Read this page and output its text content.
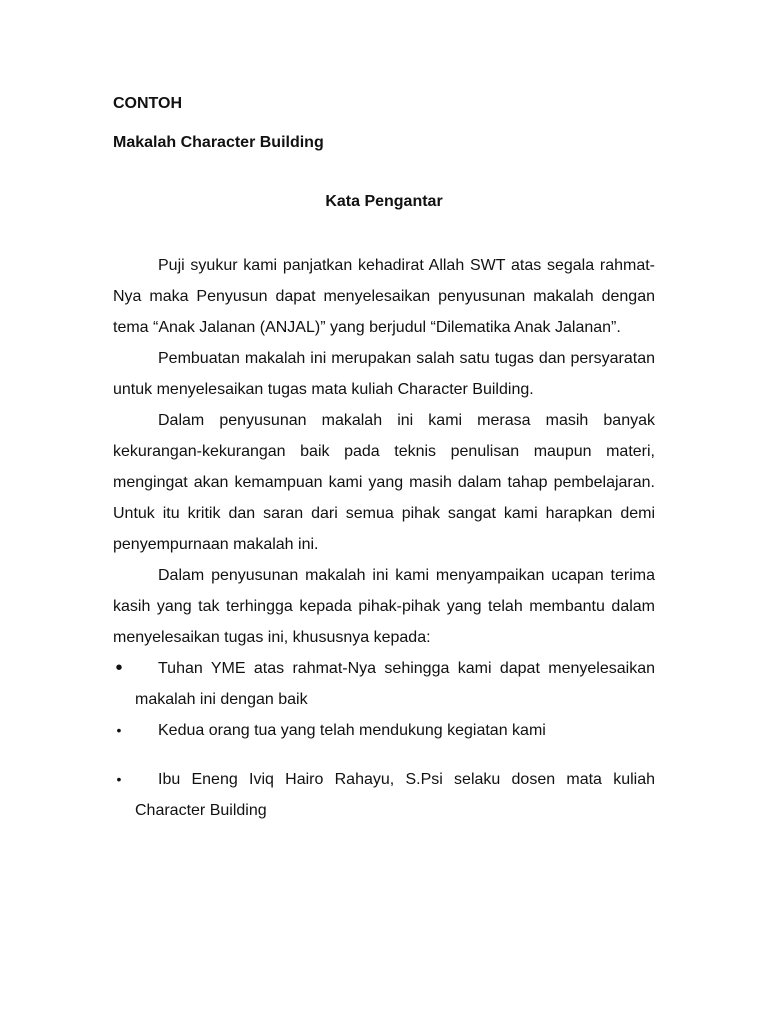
CONTOH
Makalah Character Building
Kata Pengantar

Puji syukur kami panjatkan kehadirat Allah SWT atas segala rahmat-Nya maka Penyusun dapat menyelesaikan penyusunan makalah dengan tema “Anak Jalanan (ANJAL)” yang berjudul “Dilematika Anak Jalanan”.

Pembuatan makalah ini merupakan salah satu tugas dan persyaratan untuk menyelesaikan tugas mata kuliah Character Building.

Dalam penyusunan makalah ini kami merasa masih banyak kekurangan-kekurangan baik pada teknis penulisan maupun materi, mengingat akan kemampuan kami yang masih dalam tahap pembelajaran. Untuk itu kritik dan saran dari semua pihak sangat kami harapkan demi penyempurnaan makalah ini.

Dalam penyusunan makalah ini kami menyampaikan ucapan terima kasih yang tak terhingga kepada pihak-pihak yang telah membantu dalam menyelesaikan tugas ini, khususnya kepada:

•	Tuhan YME atas rahmat-Nya sehingga kami dapat menyelesaikan makalah ini dengan baik
•	Kedua orang tua yang telah mendukung kegiatan kami
•	Ibu Eneng Iviq Hairo Rahayu, S.Psi selaku dosen mata kuliah Character Building
